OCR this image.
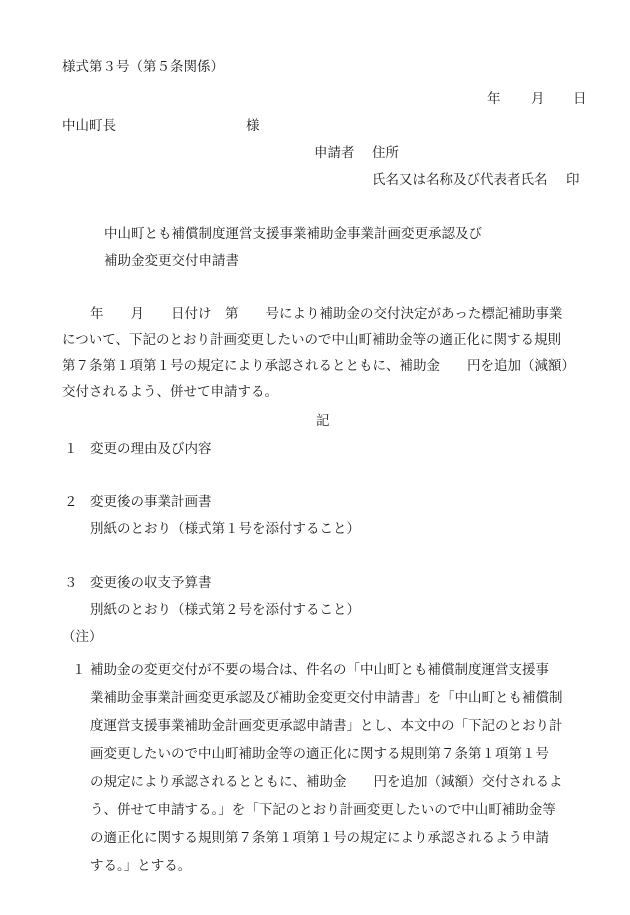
様式第３号（第５条関係）
年 月 日
中山町長	様
申請者 住所
氏名又は名称及び代表者氏名 印
中山町とも補償制度運営支援事業補助金事業計画変更承認及び
補助金変更交付申請書
年　　月　　日付け　第　　号により補助金の交付決定があった標記補助事業
について、下記のとおり計画変更したいので中山町補助金等の適正化に関する規則
第７条第１項第１号の規定により承認されるとともに、補助金　　円を追加（減額）
交付されるよう、併せて申請する。
記
１ 変更の理由及び内容
２ 変更後の事業計画書
別紙のとおり（様式第１号を添付すること）
３ 変更後の収支予算書
別紙のとおり（様式第２号を添付すること）
（注）
１ 補助金の変更交付が不要の場合は、件名の「中山町とも補償制度運営支援事
業補助金事業計画変更承認及び補助金変更交付申請書」を「中山町とも補償制
度運営支援事業補助金計画変更承認申請書」とし、本文中の「下記のとおり計
画変更したいので中山町補助金等の適正化に関する規則第７条第１項第１号
の規定により承認されるとともに、補助金　　円を追加（減額）交付されるよ
う、併せて申請する。」を「下記のとおり計画変更したいので中山町補助金等
の適正化に関する規則第７条第１項第１号の規定により承認されるよう申請
する。」とする。
